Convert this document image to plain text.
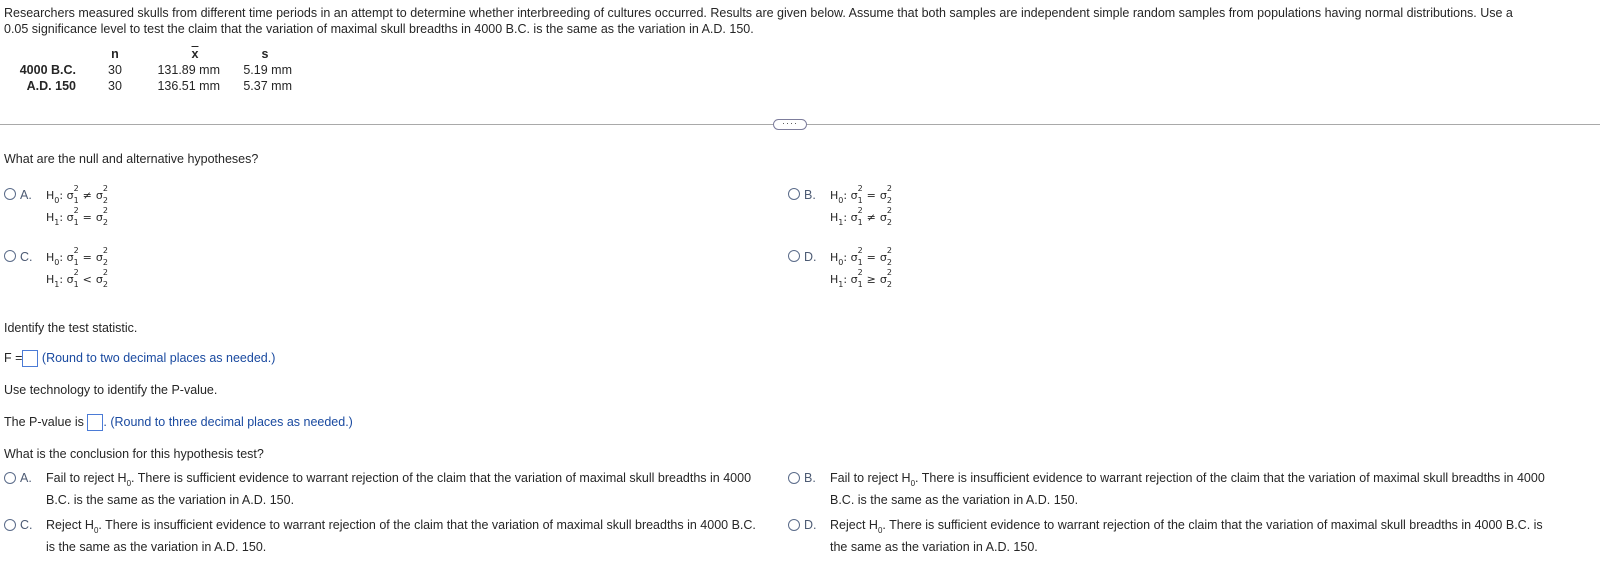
Researchers measured skulls from different time periods in an attempt to determine whether interbreeding of cultures occurred. Results are given below. Assume that both samples are independent simple random samples from populations having normal distributions. Use a
0.05 significance level to test the claim that the variation of maximal skull breadths in 4000 B.C. is the same as the variation in A.D. 150.
	n	$\overline{x}$	s
4000 B.C.	30	131.89 mm	5.19 mm
A.D. 150	30	136.51 mm	5.37 mm
····
What are the null and alternative hypotheses?
A. $H_0$: σ
2
$_1$ ≠ σ
2
$_2$
$H_1$: σ
2
$_1$ = σ
2
$_2$
B. $H_0$: σ
2
$_1$ = σ
2
$_2$
$H_1$: σ
2
$_1$ ≠ σ
2
$_2$
C. $H_0$: σ
2
$_1$ = σ
2
$_2$
$H_1$: σ
2
$_1$ < σ
2
$_2$
D. $H_0$: σ
2
$_1$ = σ
2
$_2$
$H_1$: σ
2
$_1$ ≥ σ
2
$_2$
Identify the test statistic.
F = (Round to two decimal places as needed.)
Use technology to identify the P-value.
The P-value is . (Round to three decimal places as needed.)
What is the conclusion for this hypothesis test?
A. Fail to reject $H_0$. There is sufficient evidence to warrant rejection of the claim that the variation of maximal skull breadths in 4000
B.C. is the same as the variation in A.D. 150.
B. Fail to reject $H_0$. There is insufficient evidence to warrant rejection of the claim that the variation of maximal skull breadths in 4000
B.C. is the same as the variation in A.D. 150.
C. Reject $H_0$. There is insufficient evidence to warrant rejection of the claim that the variation of maximal skull breadths in 4000 B.C.
is the same as the variation in A.D. 150.
D. Reject $H_0$. There is sufficient evidence to warrant rejection of the claim that the variation of maximal skull breadths in 4000 B.C. is
the same as the variation in A.D. 150.
